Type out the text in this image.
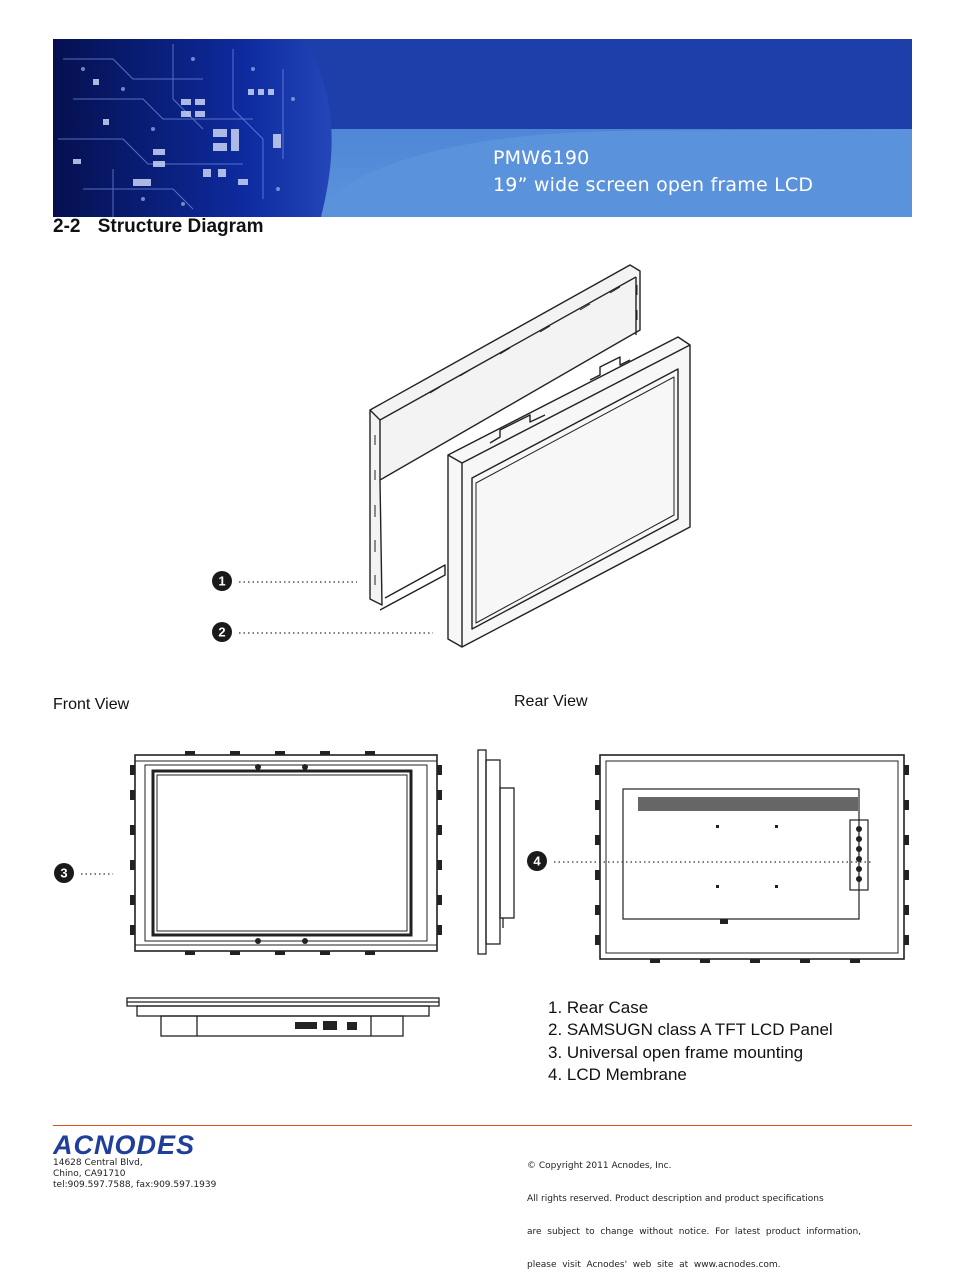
PMW6190
19” wide screen open frame LCD
2-2 Structure Diagram
1
2
Front View	Rear View
3
4
1. Rear Case
2. SAMSUGN class A TFT LCD Panel
3. Universal open frame mounting
4. LCD Membrane
ACNODES
14628 Central Blvd,
Chino, CA91710
tel:909.597.7588, fax:909.597.1939

© Copyright 2011 Acnodes, Inc.

All rights reserved. Product description and product specifications

are  subject  to  change  without  notice.  For  latest  product  information,

please  visit  Acnodes'  web  site  at  www.acnodes.com.
